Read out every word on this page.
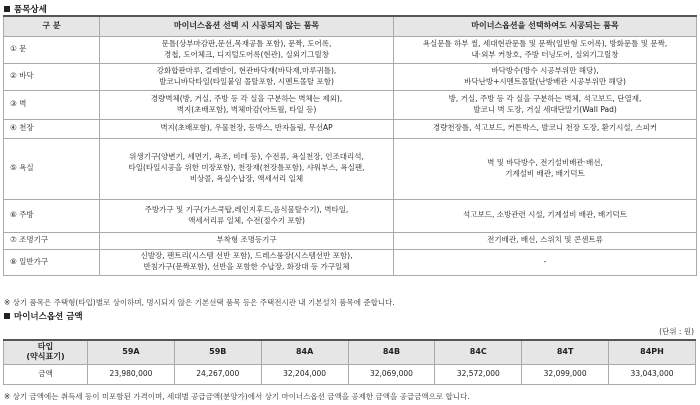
품목상세
구 분	마이너스옵션 선택 시 시공되지 않는 품목	마이너스옵션을 선택하여도 시공되는 품목
① 문	문틀(상부마감판,문선,목재공틀 포함), 문짝, 도어록,
경첩, 도어체크, 디지털도어록(현관), 실외기그릴창	욕실문틀 하부 씰, 세대현관문틀 및 문짝(일반형 도어록), 방화문틀 및 문짝,
내·외부 커창호, 주방 터닝도어, 실외기그릴창
② 바닥	강화합판마루, 걸레받이, 현관바닥재(바닥재,마루귀틀),
발코니바닥타일(타일붙임 몰탈포함, 시멘트몰탈 포함)	바닥방수(방수 시공부위만 해당),
바닥난방+시멘트몰탈(난방배관 시공부위만 해당)
③ 벽	경량벽체(방, 거실, 주방 등 각 실을 구분하는 벽체는 제외),
벽지(초배포함), 벽체마감(아트월, 타일 등)	방, 거실, 주방 등 각 실을 구분하는 벽체, 석고보드, 단열재,
발코니 벽 도장, 거실 세대단말기(Wall Pad)
④ 천장	벽지(초배포함), 우물천장, 등박스, 반자돌림, 무선AP	경량천장틀, 석고보드, 커튼박스, 발코니 천장 도장, 환기시설, 스피커
⑤ 욕실	위생기구(양변기, 세면기, 욕조, 비데 등), 수전류, 욕실천장, 인조대리석,
타일(타일시공을 위한 미장포함), 천장재(천장틀포함), 샤워부스, 욕실팬,
비상콜, 욕실수납장, 액세서리 일체	벽 및 바닥방수, 전기설비배관·배선,
기계설비 배관, 배기덕트
⑥ 주방	주방가구 및 기구(가스쿡탑,레인지후드,음식물탈수기), 벽타일,
액세서리류 일체, 수전(절수기 포함)	석고보드, 소방관련 시설, 기계설비 배관, 배기덕트
⑦ 조명기구	부착형 조명등기구	전기배관, 배선, 스위치 및 콘센트류
⑧ 일반가구	신발장, 팬트리(시스템 선반 포함), 드레스룸장(시스템선반 포함),
반침가구(문짝포함), 선반을 포함한 수납장, 화장대 등 가구일체	-
※ 상기 품목은 주택형(타입)별로 상이하며, 명시되지 않은 기본선택 품목 등은 주택전시관 내 기본설치 품목에 준합니다.
마이너스옵션 금액
(단위 : 원)
타입
(약식표기)	59A	59B	84A	84B	84C	84T	84PH
금액	23,980,000	24,267,000	32,204,000	32,069,000	32,572,000	32,099,000	33,043,000
※ 상기 금액에는 취득세 등이 미포함된 가격이며, 세대별 공급금액(분양가)에서 상기 마이너스옵션 금액을 공제한 금액을 공급금액으로 합니다.
